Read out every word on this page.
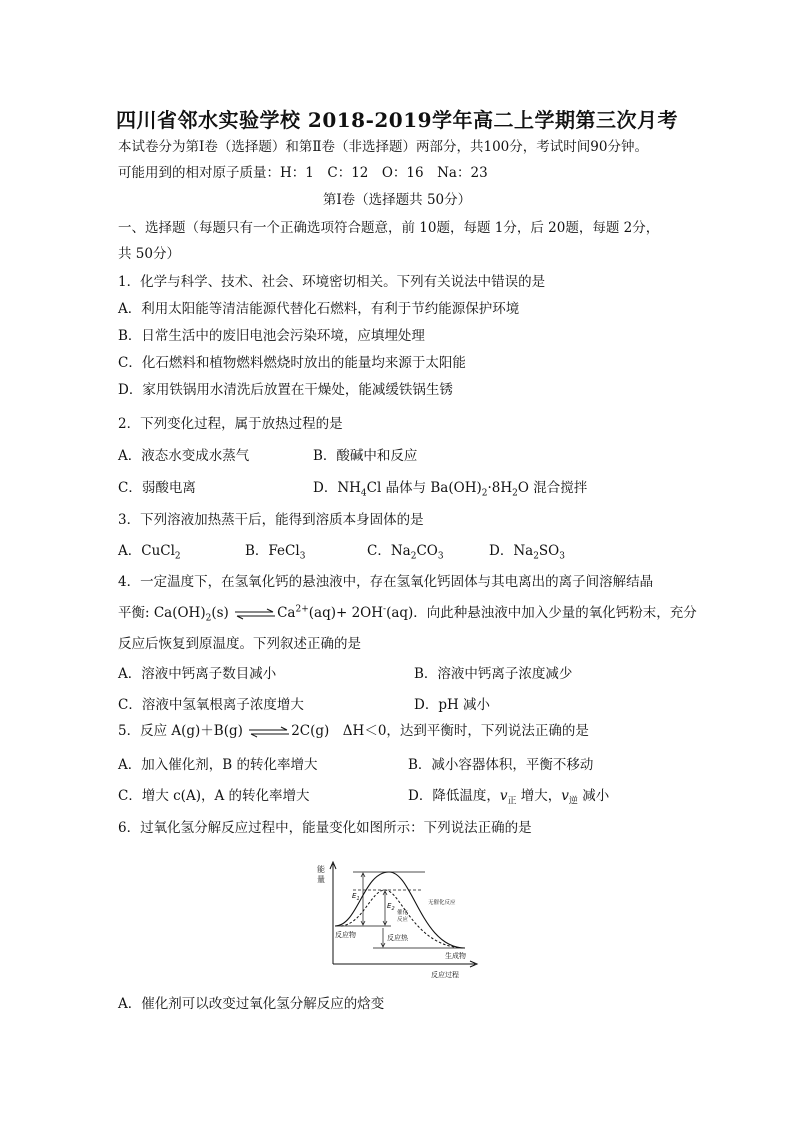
四川省邻水实验学校 2018-2019学年高二上学期第三次月考
本试卷分为第Ⅰ卷（选择题）和第Ⅱ卷（非选择题）两部分，共100分，考试时间90分钟。
可能用到的相对原子质量：H：1　C：12　O：16　Na：23
第Ⅰ卷（选择题共 50分）
一、选择题（每题只有一个正确选项符合题意，前 10题，每题 1分，后 20题，每题 2分，
共 50分）
1．化学与科学、技术、社会、环境密切相关。下列有关说法中错误的是
A．利用太阳能等清洁能源代替化石燃料，有利于节约能源保护环境
B．日常生活中的废旧电池会污染环境，应填埋处理
C．化石燃料和植物燃料燃烧时放出的能量均来源于太阳能
D．家用铁锅用水清洗后放置在干燥处，能减缓铁锅生锈
2．下列变化过程，属于放热过程的是
A．液态水变成水蒸气	B．酸碱中和反应
C．弱酸电离	D．$NH_4Cl$ 晶体与 $Ba(OH)_2\cdot 8H_2O$ 混合搅拌
3．下列溶液加热蒸干后，能得到溶质本身固体的是
A．CuCl$_2$	B．FeCl$_3$	C．$Na_2CO_3$	D．$Na_2SO_3$
4．一定温度下，在氢氧化钙的悬浊液中，存在氢氧化钙固体与其电离出的离子间溶解结晶
平衡: $Ca(OH)_2(s)$ $\rightleftharpoons Ca^{2+}(aq)+ 2OH^-(aq)$．向此种悬浊液中加入少量的氧化钙粉末，充分
反应后恢复到原温度。下列叙述正确的是
A．溶液中钙离子数目减小	B．溶液中钙离子浓度减少
C．溶液中氢氧根离子浓度增大	D．pH 减小
5．反应 A(g)＋B(g) ⇌2C(g)　ΔH＜0，达到平衡时，下列说法正确的是
A．加入催化剂，B 的转化率增大	B．减小容器体积，平衡不移动
C．增大 c(A)，A 的转化率增大	D．降低温度，$v_正$ 增大，$v_逆$ 减小
6．过氧化氢分解反应过程中，能量变化如图所示：下列说法正确的是
能
量
$E_1$
$E_2$
催化
反应
无催化反应
反应物	反应热
生成物
反应过程
A．催化剂可以改变过氧化氢分解反应的焓变
